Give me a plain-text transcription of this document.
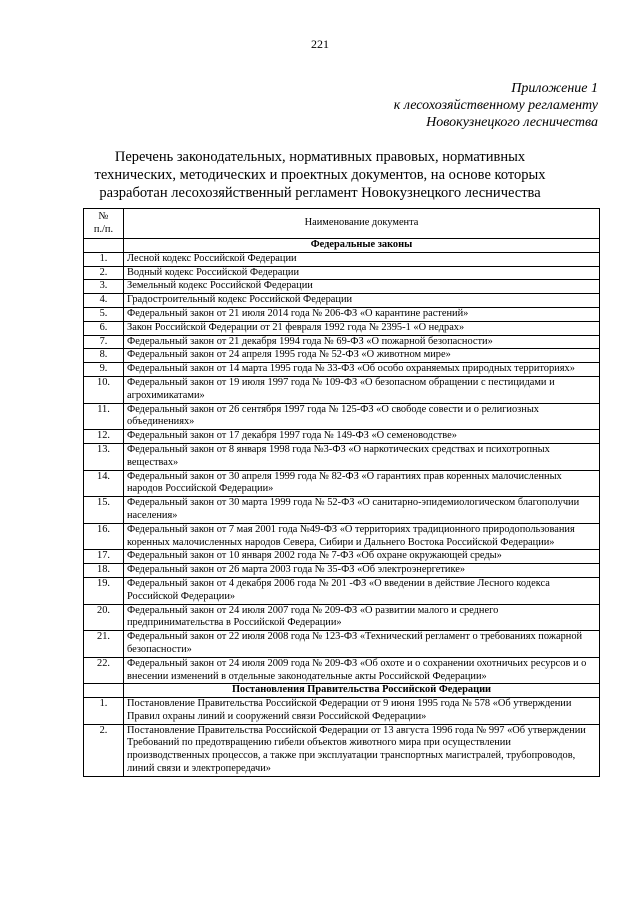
221
Приложение 1
к лесохозяйственному регламенту
Новокузнецкого лесничества
Перечень законодательных, нормативных правовых, нормативных
технических, методических и проектных документов, на основе которых
разработан лесохозяйственный регламент Новокузнецкого лесничества
№
п./п.	Наименование документа
	Федеральные законы
1.	Лесной кодекс Российской Федерации
2.	Водный кодекс Российской Федерации
3.	Земельный кодекс Российской Федерации
4.	Градостроительный кодекс Российской Федерации
5.	Федеральный закон от 21 июля 2014 года № 206-ФЗ «О карантине растений»
6.	Закон Российской Федерации от 21 февраля 1992 года № 2395-1 «О недрах»
7.	Федеральный закон от 21 декабря 1994 года № 69-ФЗ «О пожарной безопасности»
8.	Федеральный закон от 24 апреля 1995 года № 52-ФЗ «О животном мире»
9.	Федеральный закон от 14 марта 1995 года № 33-ФЗ «Об особо охраняемых природных территориях»
10.	Федеральный закон от 19 июля 1997 года № 109-ФЗ «О безопасном обращении с пестицидами и агрохимикатами»
11.	Федеральный закон от 26 сентября 1997 года № 125-ФЗ «О свободе совести и о религиозных объединениях»
12.	Федеральный закон от 17 декабря 1997 года № 149-ФЗ «О семеноводстве»
13.	Федеральный закон от 8 января 1998 года №3-ФЗ «О наркотических средствах и психотропных веществах»
14.	Федеральный закон от 30 апреля 1999 года № 82-ФЗ «О гарантиях прав коренных малочисленных народов Российской Федерации»
15.	Федеральный закон от 30 марта 1999 года № 52-ФЗ «О санитарно-эпидемиологическом благополучии населения»
16.	Федеральный закон от 7 мая 2001 года №49-ФЗ «О территориях традиционного природопользования коренных малочисленных народов Севера, Сибири и Дальнего Востока Российской Федерации»
17.	Федеральный закон от 10 января 2002 года № 7-ФЗ «Об охране окружающей среды»
18.	Федеральный закон от 26 марта 2003 года № 35-ФЗ «Об электроэнергетике»
19.	Федеральный закон от 4 декабря 2006 года № 201 -ФЗ «О введении в действие Лесного кодекса Российской Федерации»
20.	Федеральный закон от 24 июля 2007 года № 209-ФЗ «О развитии малого и среднего предпринимательства в Российской Федерации»
21.	Федеральный закон от 22 июля 2008 года № 123-ФЗ «Технический регламент о требованиях пожарной безопасности»
22.	Федеральный закон от 24 июля 2009 года № 209-ФЗ «Об охоте и о сохранении охотничьих ресурсов и о внесении изменений в отдельные законодательные акты Российской Федерации»
	Постановления Правительства Российской Федерации
1.	Постановление Правительства Российской Федерации от 9 июня 1995 года № 578 «Об утверждении Правил охраны линий и сооружений связи Российской Федерации»
2.	Постановление Правительства Российской Федерации от 13 августа 1996 года № 997 «Об утверждении Требований по предотвращению гибели объектов животного мира при осуществлении производственных процессов, а также при эксплуатации транспортных магистралей, трубопроводов, линий связи и электропередачи»
